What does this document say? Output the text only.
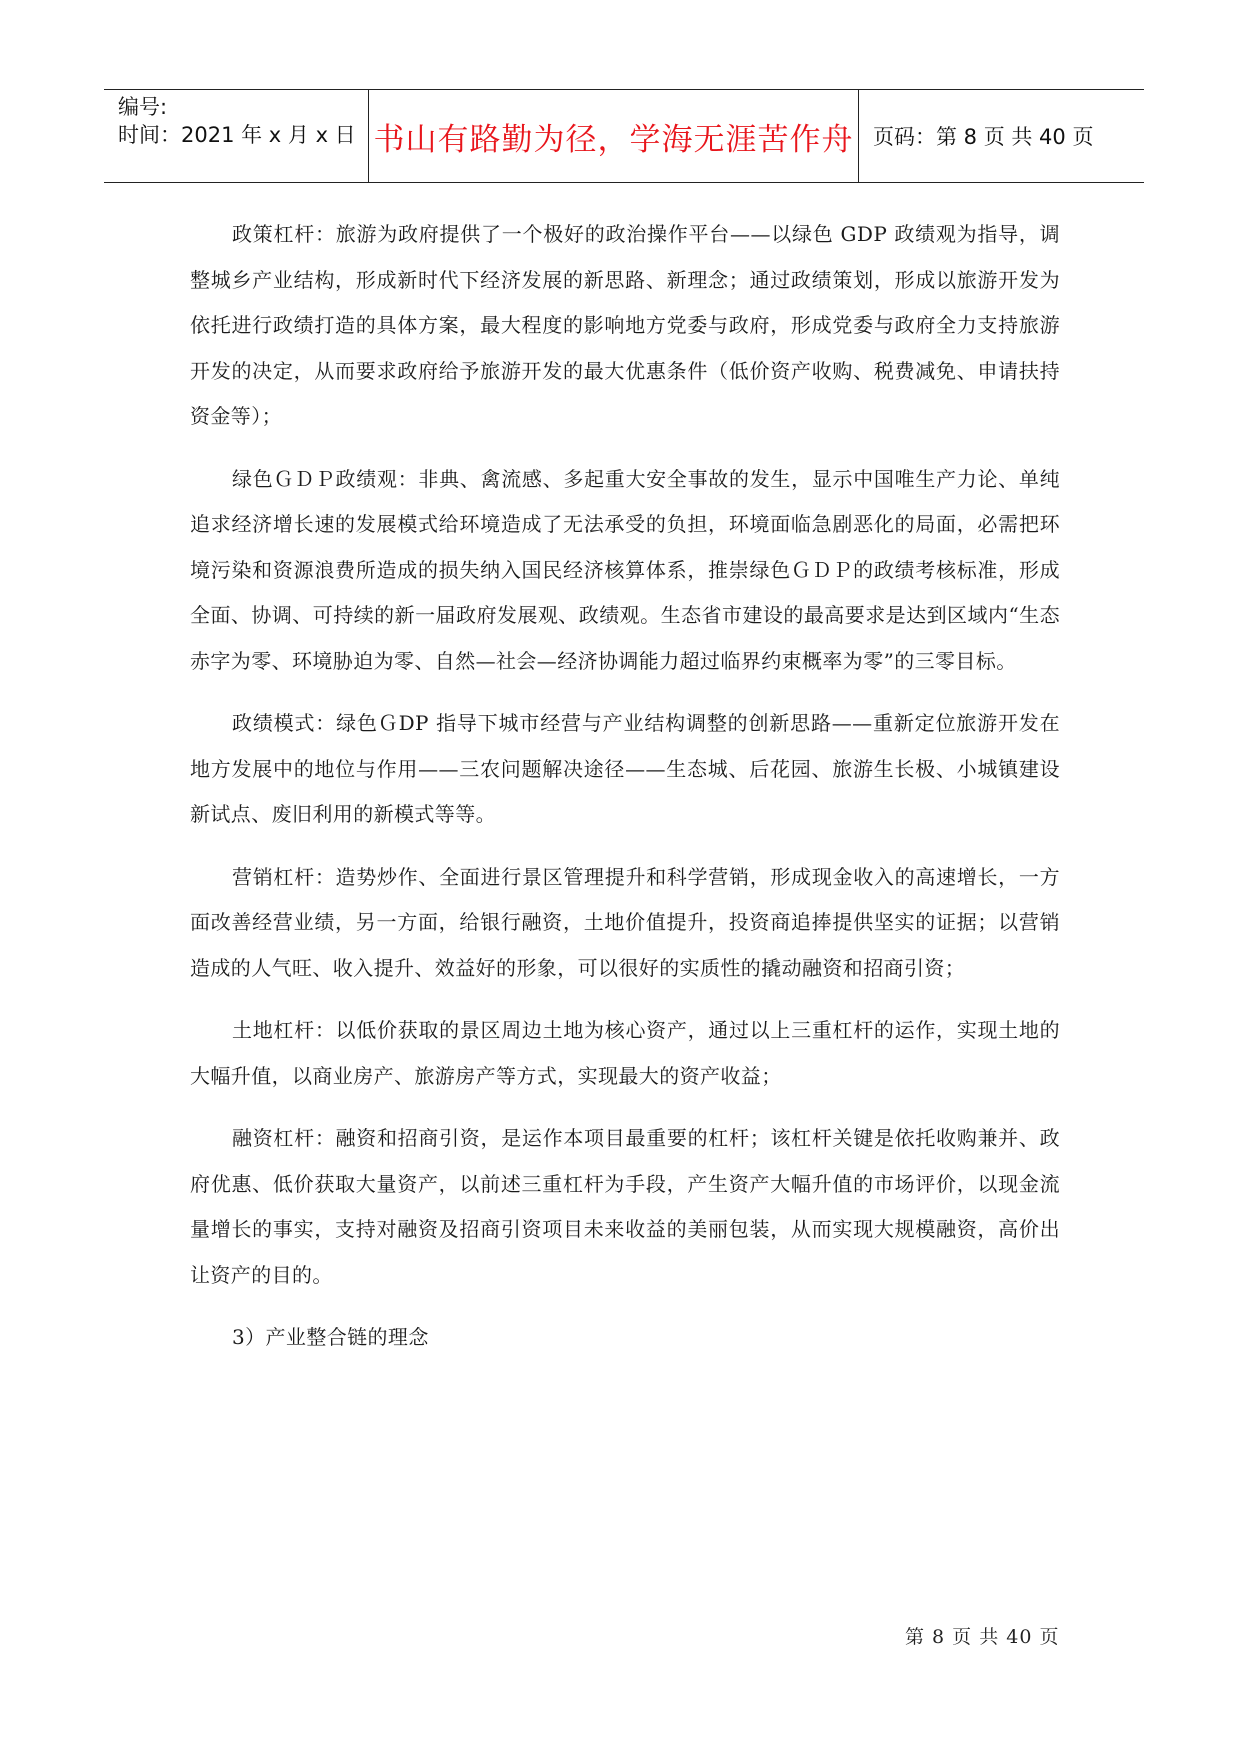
编号:
时间：2021 年 x 月 x 日 书山有路勤为径，学海无涯苦作舟 页码：第 8 页 共 40 页

政策杠杆：旅游为政府提供了一个极好的政治操作平台——以绿色 GDP 政绩观为指导，调整城乡产业结构，形成新时代下经济发展的新思路、新理念；通过政绩策划，形成以旅游开发为依托进行政绩打造的具体方案，最大程度的影响地方党委与政府，形成党委与政府全力支持旅游开发的决定，从而要求政府给予旅游开发的最大优惠条件（低价资产收购、税费减免、申请扶持资金等）；

绿色ＧＤＰ政绩观：非典、禽流感、多起重大安全事故的发生，显示中国唯生产力论、单纯追求经济增长速的发展模式给环境造成了无法承受的负担，环境面临急剧恶化的局面，必需把环境污染和资源浪费所造成的损失纳入国民经济核算体系，推崇绿色ＧＤＰ的政绩考核标准，形成全面、协调、可持续的新一届政府发展观、政绩观。生态省市建设的最高要求是达到区域内“生态赤字为零、环境胁迫为零、自然—社会—经济协调能力超过临界约束概率为零”的三零目标。

政绩模式：绿色ＧDP 指导下城市经营与产业结构调整的创新思路——重新定位旅游开发在地方发展中的地位与作用——三农问题解决途径——生态城、后花园、旅游生长极、小城镇建设新试点、废旧利用的新模式等等。

营销杠杆：造势炒作、全面进行景区管理提升和科学营销，形成现金收入的高速增长，一方面改善经营业绩，另一方面，给银行融资，土地价值提升，投资商追捧提供坚实的证据；以营销造成的人气旺、收入提升、效益好的形象，可以很好的实质性的撬动融资和招商引资；

土地杠杆：以低价获取的景区周边土地为核心资产，通过以上三重杠杆的运作，实现土地的大幅升值，以商业房产、旅游房产等方式，实现最大的资产收益；

融资杠杆：融资和招商引资，是运作本项目最重要的杠杆；该杠杆关键是依托收购兼并、政府优惠、低价获取大量资产，以前述三重杠杆为手段，产生资产大幅升值的市场评价，以现金流量增长的事实，支持对融资及招商引资项目未来收益的美丽包装，从而实现大规模融资，高价出让资产的目的。

3）产业整合链的理念

第 8 页 共 40 页
